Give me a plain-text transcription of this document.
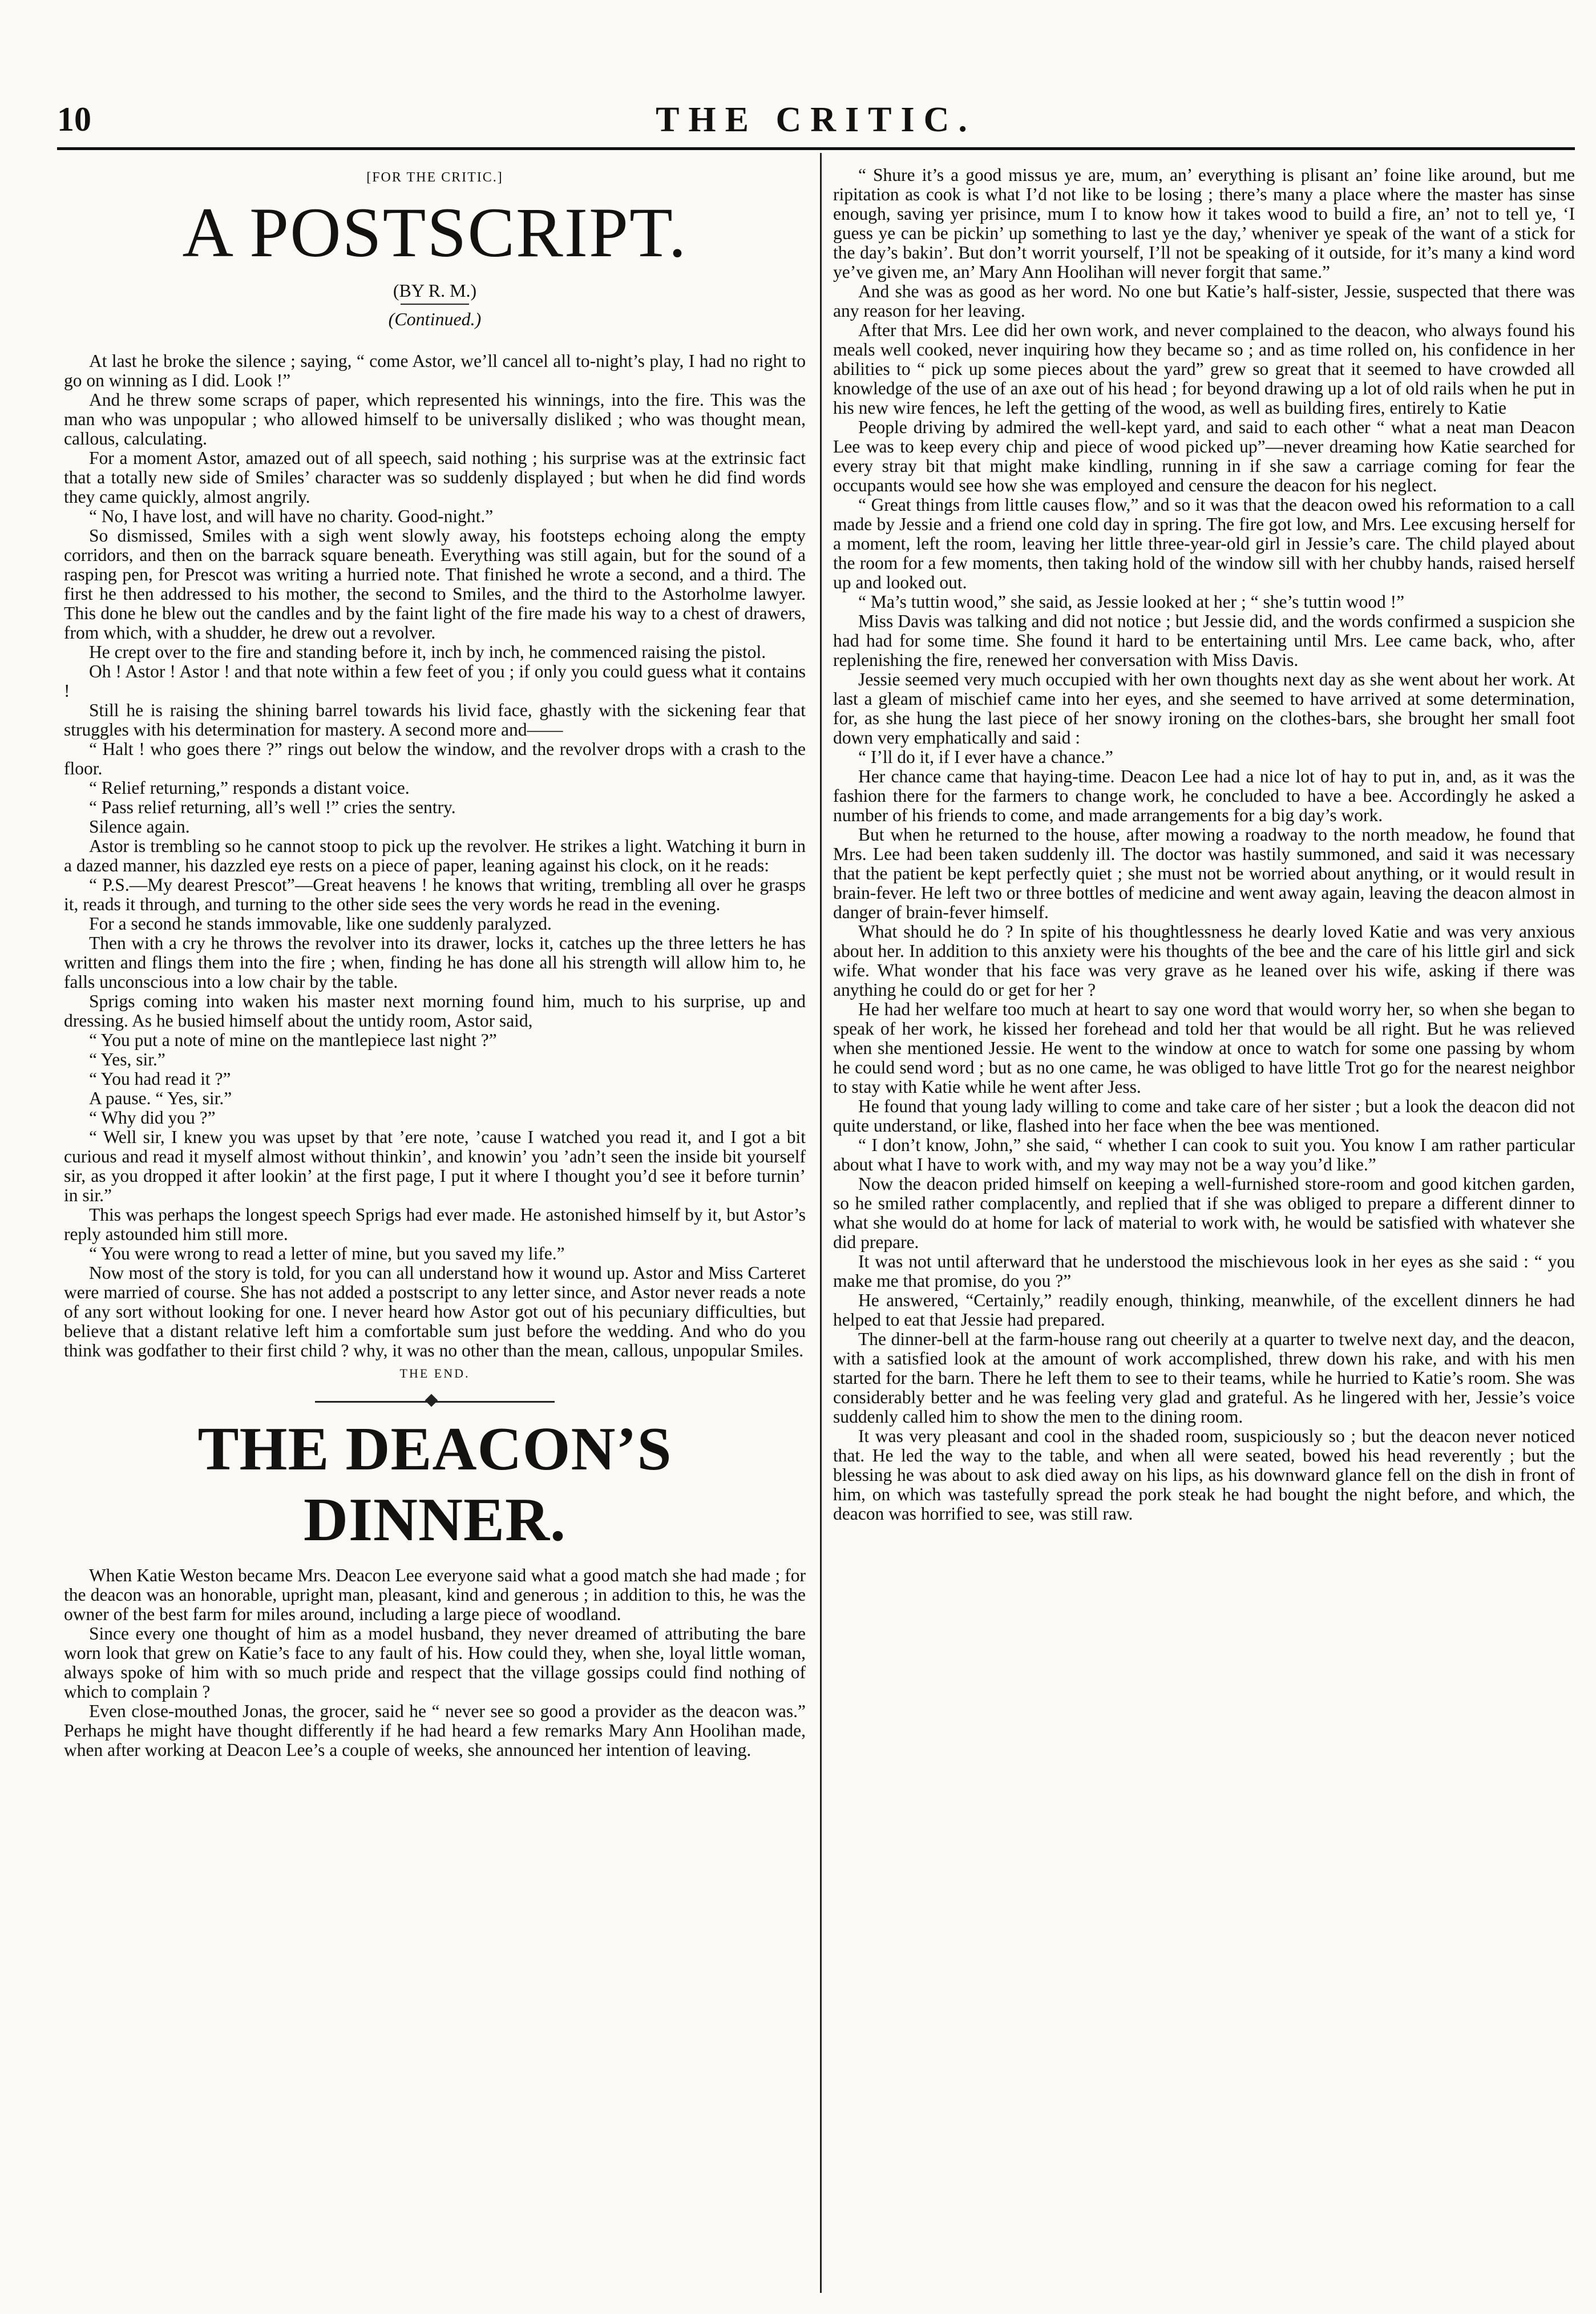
10	THE CRITIC.
[FOR THE CRITIC.]
A POSTSCRIPT.
(BY R. M.)
(Continued.)

At last he broke the silence ; saying, “ come Astor, we’ll cancel all to-night’s play, I had no right to go on winning as I did. Look !”

And he threw some scraps of paper, which represented his winnings, into the fire. This was the man who was unpopular ; who allowed himself to be universally disliked ; who was thought mean, callous, calculating.

For a moment Astor, amazed out of all speech, said nothing ; his surprise was at the extrinsic fact that a totally new side of Smiles’ character was so suddenly displayed ; but when he did find words they came quickly, almost angrily.

“ No, I have lost, and will have no charity. Good-night.”

So dismissed, Smiles with a sigh went slowly away, his footsteps echoing along the empty corridors, and then on the barrack square beneath. Everything was still again, but for the sound of a rasping pen, for Prescot was writing a hurried note. That finished he wrote a second, and a third. The first he then addressed to his mother, the second to Smiles, and the third to the Astorholme lawyer. This done he blew out the candles and by the faint light of the fire made his way to a chest of drawers, from which, with a shudder, he drew out a revolver.

He crept over to the fire and standing before it, inch by inch, he commenced raising the pistol.

Oh ! Astor ! Astor ! and that note within a few feet of you ; if only you could guess what it contains !

Still he is raising the shining barrel towards his livid face, ghastly with the sickening fear that struggles with his determination for mastery. A second more and——

“ Halt ! who goes there ?” rings out below the window, and the revolver drops with a crash to the floor.

“ Relief returning,” responds a distant voice.

“ Pass relief returning, all’s well !” cries the sentry.

Silence again.

Astor is trembling so he cannot stoop to pick up the revolver. He strikes a light. Watching it burn in a dazed manner, his dazzled eye rests on a piece of paper, leaning against his clock, on it he reads:

“ P.S.—My dearest Prescot”—Great heavens ! he knows that writing, trembling all over he grasps it, reads it through, and turning to the other side sees the very words he read in the evening.

For a second he stands immovable, like one suddenly paralyzed.

Then with a cry he throws the revolver into its drawer, locks it, catches up the three letters he has written and flings them into the fire ; when, finding he has done all his strength will allow him to, he falls unconscious into a low chair by the table.

Sprigs coming into waken his master next morning found him, much to his surprise, up and dressing. As he busied himself about the untidy room, Astor said,

“ You put a note of mine on the mantlepiece last night ?”

“ Yes, sir.”

“ You had read it ?”

A pause. “ Yes, sir.”

“ Why did you ?”

“ Well sir, I knew you was upset by that ’ere note, ’cause I watched you read it, and I got a bit curious and read it myself almost without thinkin’, and knowin’ you ’adn’t seen the inside bit yourself sir, as you dropped it after lookin’ at the first page, I put it where I thought you’d see it before turnin’ in sir.”

This was perhaps the longest speech Sprigs had ever made. He astonished himself by it, but Astor’s reply astounded him still more.

“ You were wrong to read a letter of mine, but you saved my life.”

Now most of the story is told, for you can all understand how it wound up. Astor and Miss Carteret were married of course. She has not added a postscript to any letter since, and Astor never reads a note of any sort without looking for one. I never heard how Astor got out of his pecuniary difficulties, but believe that a distant relative left him a comfortable sum just before the wedding. And who do you think was godfather to their first child ? why, it was no other than the mean, callous, unpopular Smiles.

THE END.
THE DEACON’S DINNER.

When Katie Weston became Mrs. Deacon Lee everyone said what a good match she had made ; for the deacon was an honorable, upright man, pleasant, kind and generous ; in addition to this, he was the owner of the best farm for miles around, including a large piece of woodland.

Since every one thought of him as a model husband, they never dreamed of attributing the bare worn look that grew on Katie’s face to any fault of his. How could they, when she, loyal little woman, always spoke of him with so much pride and respect that the village gossips could find nothing of which to complain ?

Even close-mouthed Jonas, the grocer, said he “ never see so good a provider as the deacon was.” Perhaps he might have thought differently if he had heard a few remarks Mary Ann Hoolihan made, when after working at Deacon Lee’s a couple of weeks, she announced her intention of leaving.

“ Shure it’s a good missus ye are, mum, an’ everything is plisant an’ foine like around, but me ripitation as cook is what I’d not like to be losing ; there’s many a place where the master has sinse enough, saving yer prisince, mum I to know how it takes wood to build a fire, an’ not to tell ye, ‘I guess ye can be pickin’ up something to last ye the day,’ wheniver ye speak of the want of a stick for the day’s bakin’. But don’t worrit yourself, I’ll not be speaking of it outside, for it’s many a kind word ye’ve given me, an’ Mary Ann Hoolihan will never forgit that same.”

And she was as good as her word. No one but Katie’s half-sister, Jessie, suspected that there was any reason for her leaving.

After that Mrs. Lee did her own work, and never complained to the deacon, who always found his meals well cooked, never inquiring how they became so ; and as time rolled on, his confidence in her abilities to “ pick up some pieces about the yard” grew so great that it seemed to have crowded all knowledge of the use of an axe out of his head ; for beyond drawing up a lot of old rails when he put in his new wire fences, he left the getting of the wood, as well as building fires, entirely to Katie

People driving by admired the well-kept yard, and said to each other “ what a neat man Deacon Lee was to keep every chip and piece of wood picked up”—never dreaming how Katie searched for every stray bit that might make kindling, running in if she saw a carriage coming for fear the occupants would see how she was employed and censure the deacon for his neglect.

“ Great things from little causes flow,” and so it was that the deacon owed his reformation to a call made by Jessie and a friend one cold day in spring. The fire got low, and Mrs. Lee excusing herself for a moment, left the room, leaving her little three-year-old girl in Jessie’s care. The child played about the room for a few moments, then taking hold of the window sill with her chubby hands, raised herself up and looked out.

“ Ma’s tuttin wood,” she said, as Jessie looked at her ; “ she’s tuttin wood !”

Miss Davis was talking and did not notice ; but Jessie did, and the words confirmed a suspicion she had had for some time. She found it hard to be entertaining until Mrs. Lee came back, who, after replenishing the fire, renewed her conversation with Miss Davis.

Jessie seemed very much occupied with her own thoughts next day as she went about her work. At last a gleam of mischief came into her eyes, and she seemed to have arrived at some determination, for, as she hung the last piece of her snowy ironing on the clothes-bars, she brought her small foot down very emphatically and said :

“ I’ll do it, if I ever have a chance.”

Her chance came that haying-time. Deacon Lee had a nice lot of hay to put in, and, as it was the fashion there for the farmers to change work, he concluded to have a bee. Accordingly he asked a number of his friends to come, and made arrangements for a big day’s work.

But when he returned to the house, after mowing a roadway to the north meadow, he found that Mrs. Lee had been taken suddenly ill. The doctor was hastily summoned, and said it was necessary that the patient be kept perfectly quiet ; she must not be worried about anything, or it would result in brain-fever. He left two or three bottles of medicine and went away again, leaving the deacon almost in danger of brain-fever himself.

What should he do ? In spite of his thoughtlessness he dearly loved Katie and was very anxious about her. In addition to this anxiety were his thoughts of the bee and the care of his little girl and sick wife. What wonder that his face was very grave as he leaned over his wife, asking if there was anything he could do or get for her ?

He had her welfare too much at heart to say one word that would worry her, so when she began to speak of her work, he kissed her forehead and told her that would be all right. But he was relieved when she mentioned Jessie. He went to the window at once to watch for some one passing by whom he could send word ; but as no one came, he was obliged to have little Trot go for the nearest neighbor to stay with Katie while he went after Jess.

He found that young lady willing to come and take care of her sister ; but a look the deacon did not quite understand, or like, flashed into her face when the bee was mentioned.

“ I don’t know, John,” she said, “ whether I can cook to suit you. You know I am rather particular about what I have to work with, and my way may not be a way you’d like.”

Now the deacon prided himself on keeping a well-furnished store-room and good kitchen garden, so he smiled rather complacently, and replied that if she was obliged to prepare a different dinner to what she would do at home for lack of material to work with, he would be satisfied with whatever she did prepare.

It was not until afterward that he understood the mischievous look in her eyes as she said : “ you make me that promise, do you ?”

He answered, “Certainly,” readily enough, thinking, meanwhile, of the excellent dinners he had helped to eat that Jessie had prepared.

The dinner-bell at the farm-house rang out cheerily at a quarter to twelve next day, and the deacon, with a satisfied look at the amount of work accomplished, threw down his rake, and with his men started for the barn. There he left them to see to their teams, while he hurried to Katie’s room. She was considerably better and he was feeling very glad and grateful. As he lingered with her, Jessie’s voice suddenly called him to show the men to the dining room.

It was very pleasant and cool in the shaded room, suspiciously so ; but the deacon never noticed that. He led the way to the table, and when all were seated, bowed his head reverently ; but the blessing he was about to ask died away on his lips, as his downward glance fell on the dish in front of him, on which was tastefully spread the pork steak he had bought the night before, and which, the deacon was horrified to see, was still raw.
